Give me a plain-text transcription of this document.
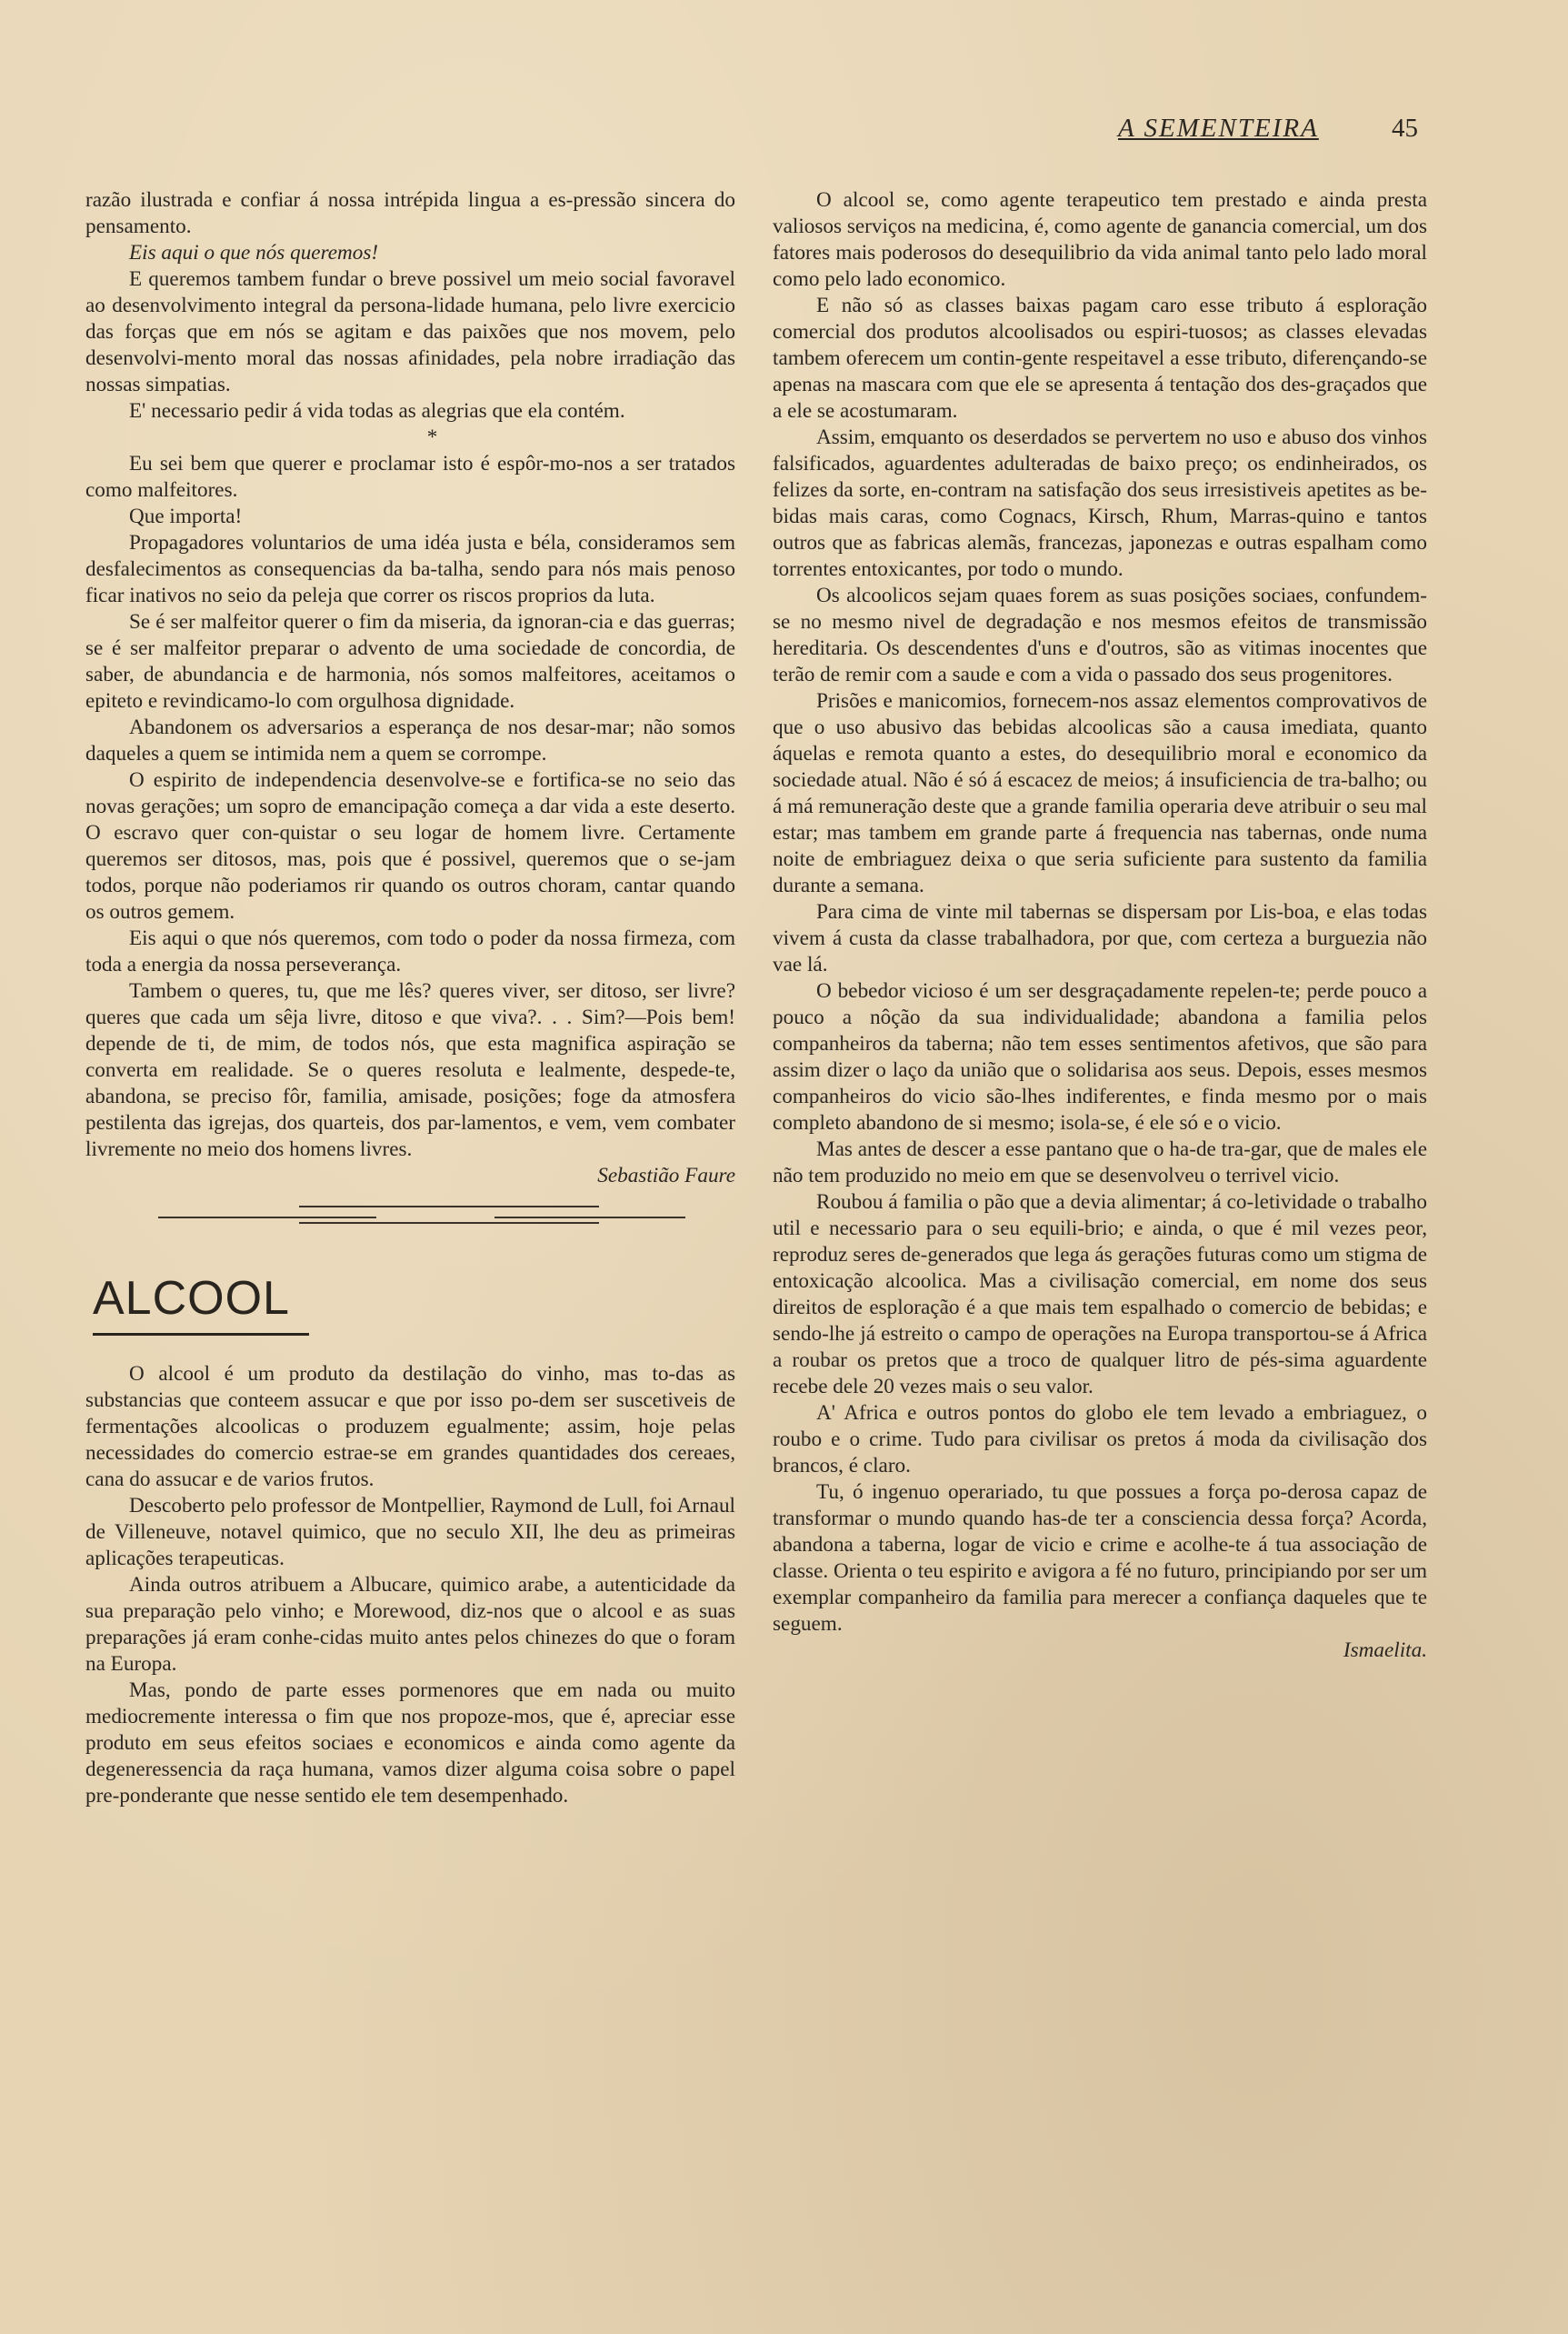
A SEMENTEIRA	45

razão ilustrada e confiar á nossa intrépida lingua a es-pressão sincera do pensamento.

Eis aqui o que nós queremos!

E queremos tambem fundar o breve possivel um meio social favoravel ao desenvolvimento integral da persona-lidade humana, pelo livre exercicio das forças que em nós se agitam e das paixões que nos movem, pelo desenvolvi-mento moral das nossas afinidades, pela nobre irradiação das nossas simpatias.

E' necessario pedir á vida todas as alegrias que ela contém.

*

Eu sei bem que querer e proclamar isto é espôr-mo-nos a ser tratados como malfeitores.

Que importa!

Propagadores voluntarios de uma idéa justa e béla, consideramos sem desfalecimentos as consequencias da ba-talha, sendo para nós mais penoso ficar inativos no seio da peleja que correr os riscos proprios da luta.

Se é ser malfeitor querer o fim da miseria, da ignoran-cia e das guerras; se é ser malfeitor preparar o advento de uma sociedade de concordia, de saber, de abundancia e de harmonia, nós somos malfeitores, aceitamos o epiteto e revindicamo-lo com orgulhosa dignidade.

Abandonem os adversarios a esperança de nos desar-mar; não somos daqueles a quem se intimida nem a quem se corrompe.

O espirito de independencia desenvolve-se e fortifica-se no seio das novas gerações; um sopro de emancipação começa a dar vida a este deserto. O escravo quer con-quistar o seu logar de homem livre. Certamente queremos ser ditosos, mas, pois que é possivel, queremos que o se-jam todos, porque não poderiamos rir quando os outros choram, cantar quando os outros gemem.

Eis aqui o que nós queremos, com todo o poder da nossa firmeza, com toda a energia da nossa perseverança.

Tambem o queres, tu, que me lês? queres viver, ser ditoso, ser livre? queres que cada um sêja livre, ditoso e que viva?. . . Sim?—Pois bem! depende de ti, de mim, de todos nós, que esta magnifica aspiração se converta em realidade. Se o queres resoluta e lealmente, despede-te, abandona, se preciso fôr, familia, amisade, posições; foge da atmosfera pestilenta das igrejas, dos quarteis, dos par-lamentos, e vem, vem combater livremente no meio dos homens livres.

Sebastião Faure

ALCOOL

O alcool é um produto da destilação do vinho, mas to-das as substancias que conteem assucar e que por isso po-dem ser suscetiveis de fermentações alcoolicas o produzem egualmente; assim, hoje pelas necessidades do comercio estrae-se em grandes quantidades dos cereaes, cana do assucar e de varios frutos.

Descoberto pelo professor de Montpellier, Raymond de Lull, foi Arnaul de Villeneuve, notavel quimico, que no seculo XII, lhe deu as primeiras aplicações terapeuticas.

Ainda outros atribuem a Albucare, quimico arabe, a autenticidade da sua preparação pelo vinho; e Morewood, diz-nos que o alcool e as suas preparações já eram conhe-cidas muito antes pelos chinezes do que o foram na Europa.

Mas, pondo de parte esses pormenores que em nada ou muito mediocremente interessa o fim que nos propoze-mos, que é, apreciar esse produto em seus efeitos sociaes e economicos e ainda como agente da degeneressencia da raça humana, vamos dizer alguma coisa sobre o papel pre-ponderante que nesse sentido ele tem desempenhado.

O alcool se, como agente terapeutico tem prestado e ainda presta valiosos serviços na medicina, é, como agente de ganancia comercial, um dos fatores mais poderosos do desequilibrio da vida animal tanto pelo lado moral como pelo lado economico.

E não só as classes baixas pagam caro esse tributo á esploração comercial dos produtos alcoolisados ou espiri-tuosos; as classes elevadas tambem oferecem um contin-gente respeitavel a esse tributo, diferençando-se apenas na mascara com que ele se apresenta á tentação dos des-graçados que a ele se acostumaram.

Assim, emquanto os deserdados se pervertem no uso e abuso dos vinhos falsificados, aguardentes adulteradas de baixo preço; os endinheirados, os felizes da sorte, en-contram na satisfação dos seus irresistiveis apetites as be-bidas mais caras, como Cognacs, Kirsch, Rhum, Marras-quino e tantos outros que as fabricas alemãs, francezas, japonezas e outras espalham como torrentes entoxicantes, por todo o mundo.

Os alcoolicos sejam quaes forem as suas posições sociaes, confundem-se no mesmo nivel de degradação e nos mesmos efeitos de transmissão hereditaria. Os descendentes d'uns e d'outros, são as vitimas inocentes que terão de remir com a saude e com a vida o passado dos seus progenitores.

Prisões e manicomios, fornecem-nos assaz elementos comprovativos de que o uso abusivo das bebidas alcoolicas são a causa imediata, quanto áquelas e remota quanto a estes, do desequilibrio moral e economico da sociedade atual. Não é só á escacez de meios; á insuficiencia de tra-balho; ou á má remuneração deste que a grande familia operaria deve atribuir o seu mal estar; mas tambem em grande parte á frequencia nas tabernas, onde numa noite de embriaguez deixa o que seria suficiente para sustento da familia durante a semana.

Para cima de vinte mil tabernas se dispersam por Lis-boa, e elas todas vivem á custa da classe trabalhadora, por que, com certeza a burguezia não vae lá.

O bebedor vicioso é um ser desgraçadamente repelen-te; perde pouco a pouco a nôção da sua individualidade; abandona a familia pelos companheiros da taberna; não tem esses sentimentos afetivos, que são para assim dizer o laço da união que o solidarisa aos seus. Depois, esses mesmos companheiros do vicio são-lhes indiferentes, e finda mesmo por o mais completo abandono de si mesmo; isola-se, é ele só e o vicio.

Mas antes de descer a esse pantano que o ha-de tra-gar, que de males ele não tem produzido no meio em que se desenvolveu o terrivel vicio.

Roubou á familia o pão que a devia alimentar; á co-letividade o trabalho util e necessario para o seu equili-brio; e ainda, o que é mil vezes peor, reproduz seres de-generados que lega ás gerações futuras como um stigma de entoxicação alcoolica. Mas a civilisação comercial, em nome dos seus direitos de esploração é a que mais tem espalhado o comercio de bebidas; e sendo-lhe já estreito o campo de operações na Europa transportou-se á Africa a roubar os pretos que a troco de qualquer litro de pés-sima aguardente recebe dele 20 vezes mais o seu valor.

A' Africa e outros pontos do globo ele tem levado a embriaguez, o roubo e o crime. Tudo para civilisar os pretos á moda da civilisação dos brancos, é claro.

Tu, ó ingenuo operariado, tu que possues a força po-derosa capaz de transformar o mundo quando has-de ter a consciencia dessa força? Acorda, abandona a taberna, logar de vicio e crime e acolhe-te á tua associação de classe. Orienta o teu espirito e avigora a fé no futuro, principiando por ser um exemplar companheiro da familia para merecer a confiança daqueles que te seguem.

Ismaelita.
